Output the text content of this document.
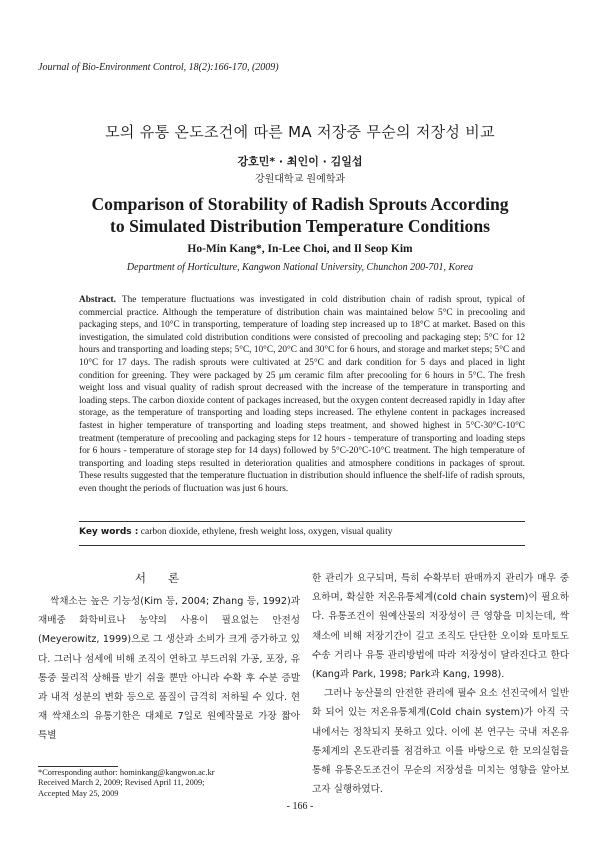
Journal of Bio-Environment Control, 18(2):166-170, (2009)
모의 유통 온도조건에 따른 MA 저장중 무순의 저장성 비교
강호민* · 최인이 · 김일섭
강원대학교 원예학과
Comparison of Storability of Radish Sprouts According
to Simulated Distribution Temperature Conditions
Ho-Min Kang*, In-Lee Choi, and Il Seop Kim
Department of Horticulture, Kangwon National University, Chunchon 200-701, Korea
Abstract. The temperature fluctuations was investigated in cold distribution chain of radish sprout, typical of commercial practice. Although the temperature of distribution chain was maintained below 5°C in precooling and packaging steps, and 10°C in transporting, temperature of loading step increased up to 18°C at market. Based on this investigation, the simulated cold distribution conditions were consisted of precooling and packaging step; 5°C for 12 hours and transporting and loading steps; 5°C, 10°C, 20°C and 30°C for 6 hours, and storage and market steps; 5°C and 10°C for 17 days. The radish sprouts were cultivated at 25°C and dark condition for 5 days and placed in light condition for greening. They were packaged by 25 μm ceramic film after precooling for 6 hours in 5°C. The fresh weight loss and visual quality of radish sprout decreased with the increase of the temperature in transporting and loading steps. The carbon dioxide content of packages increased, but the oxygen content decreased rapidly in 1day after storage, as the temperature of transporting and loading steps increased. The ethylene content in packages increased fastest in higher temperature of transporting and loading steps treatment, and showed highest in 5°C-30°C-10°C treatment (temperature of precooling and packaging steps for 12 hours - temperature of transporting and loading steps for 6 hours - temperature of storage step for 14 days) followed by 5°C-20°C-10°C treatment. The high temperature of transporting and loading steps resulted in deterioration qualities and atmosphere conditions in packages of sprout. These results suggested that the temperature fluctuation in distribution should influence the shelf-life of radish sprouts, even thought the periods of fluctuation was just 6 hours.
Key words : carbon dioxide, ethylene, fresh weight loss, oxygen, visual quality
서론

싹채소는 높은 기능성(Kim 등, 2004; Zhang 등, 1992)과 재배중 화학비료나 농약의 사용이 필요없는 안전성(Meyerowitz, 1999)으로 그 생산과 소비가 크게 증가하고 있다. 그러나 섬세에 비해 조직이 연하고 부드러워 가공, 포장, 유통중 물리적 상해를 받기 쉬울 뿐만 아니라 수확 후 수분 증발과 내적 성분의 변화 등으로 품질이 급격히 저하될 수 있다. 현재 싹채소의 유통기한은 대체로 7일로 원예작물로 가장 짧아 특별

한 관리가 요구되며, 특히 수확부터 판매까지 관리가 매우 중요하며, 확실한 저온유통체계(cold chain system)이 필요하다. 유통조건이 원예산물의 저장성이 큰 영향을 미치는데, 싹채소에 비해 저장기간이 길고 조직도 단단한 오이와 토마토도 수송 거리나 유통 관리방법에 따라 저장성이 달라진다고 한다(Kang과 Park, 1998; Park과 Kang, 1998).

그러나 농산물의 안전한 관리에 필수 요소 선진국에서 일반화 되어 있는 저온유통체계(Cold chain system)가 아직 국내에서는 정착되지 못하고 있다. 이에 본 연구는 국내 저온유통체계의 온도관리를 점검하고 이를 바탕으로 한 모의실험을 통해 유통온도조건이 무순의 저장성을 미치는 영향을 알아보고자 실행하였다.

*Corresponding author: hominkang@kangwon.ac.kr
Received March 2, 2009; Revised April 11, 2009;
Accepted May 25, 2009
- 166 -
